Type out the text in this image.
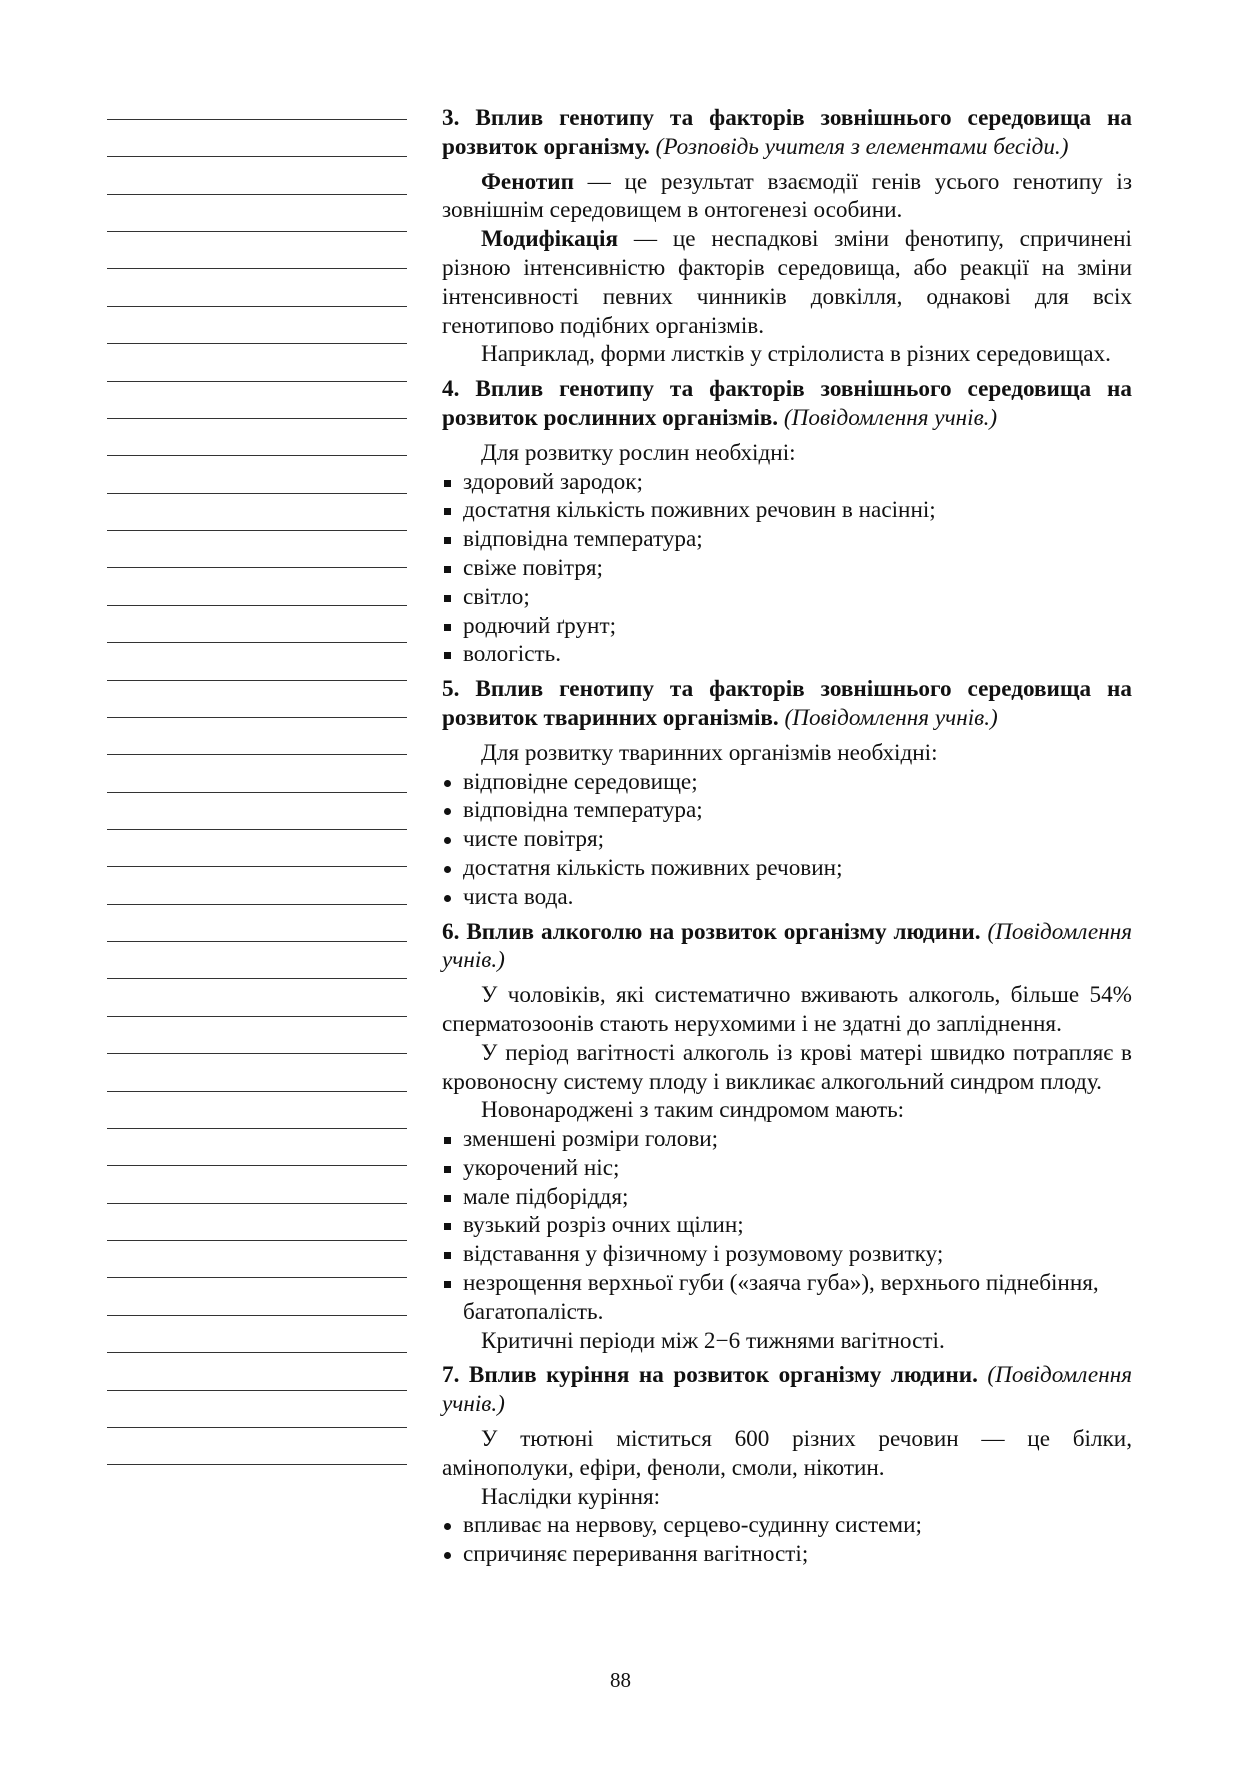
3. Вплив генотипу та факторів зовнішнього середовища на розвиток організму. (Розповідь учителя з елементами бесіди.)

Фенотип — це результат взаємодії генів усього генотипу із зовнішнім середовищем в онтогенезі особини.

Модифікація — це неспадкові зміни фенотипу, спричинені різною інтенсивністю факторів середовища, або реакції на зміни інтенсивності певних чинників довкілля, однакові для всіх генотипово подібних організмів.

Наприклад, форми листків у стрілолиста в різних середовищах.

4. Вплив генотипу та факторів зовнішнього середовища на розвиток рослинних організмів. (Повідомлення учнів.)

Для розвитку рослин необхідні:

здоровий зародок;
достатня кількість поживних речовин в насінні;
відповідна температура;
свіже повітря;
світло;
родючий ґрунт;
вологість.

5. Вплив генотипу та факторів зовнішнього середовища на розвиток тваринних організмів. (Повідомлення учнів.)

Для розвитку тваринних організмів необхідні:

відповідне середовище;
відповідна температура;
чисте повітря;
достатня кількість поживних речовин;
чиста вода.

6. Вплив алкоголю на розвиток організму людини. (Повідомлення учнів.)

У чоловіків, які систематично вживають алкоголь, більше 54% сперматозоонів стають нерухомими і не здатні до запліднення.

У період вагітності алкоголь із крові матері швидко потрапляє в кровоносну систему плоду і викликає алкогольний синдром плоду.

Новонароджені з таким синдромом мають:

зменшені розміри голови;
укорочений ніс;
мале підборіддя;
вузький розріз очних щілин;
відставання у фізичному і розумовому розвитку;
незрощення верхньої губи («заяча губа»), верхнього піднебіння, багатопалість.

Критичні періоди між 2−6 тижнями вагітності.

7. Вплив куріння на розвиток організму людини. (Повідомлення учнів.)

У тютюні міститься 600 різних речовин — це білки, амінополуки, ефіри, феноли, смоли, нікотин.

Наслідки куріння:

впливає на нервову, серцево-судинну системи;
спричиняє переривання вагітності;
88
